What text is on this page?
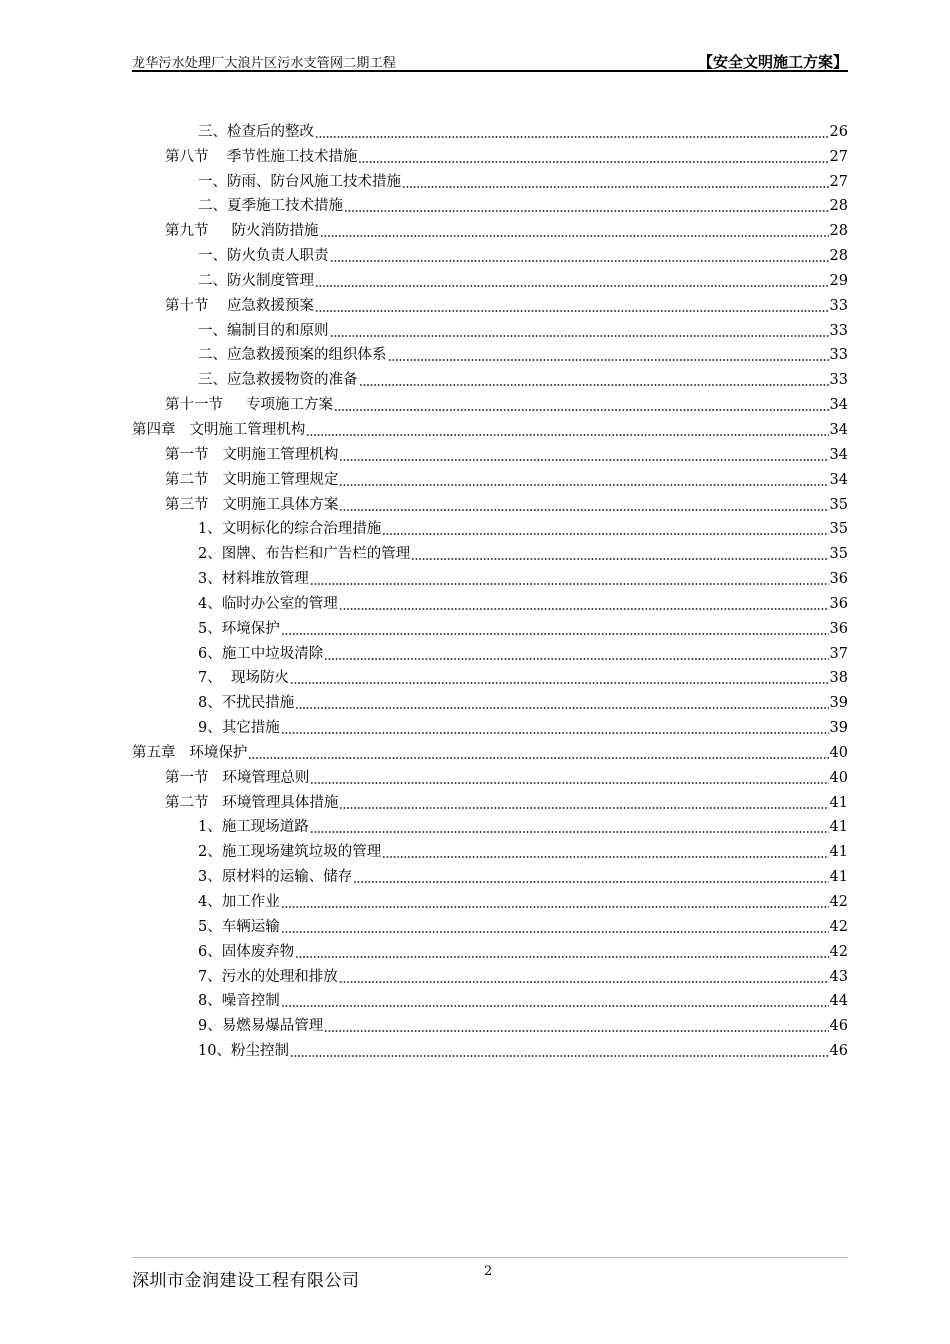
龙华污水处理厂大浪片区污水支管网二期工程	【安全文明施工方案】
三、检查后的整改	26
第八节    季节性施工技术措施	27
一、防雨、防台风施工技术措施	27
二、夏季施工技术措施	28
第九节     防火消防措施	28
一、防火负责人职责	28
二、防火制度管理	29
第十节    应急救援预案	33
一、编制目的和原则	33
二、应急救援预案的组织体系	33
三、应急救援物资的准备	33
第十一节     专项施工方案	34
第四章   文明施工管理机构	34
第一节   文明施工管理机构	34
第二节   文明施工管理规定	34
第三节   文明施工具体方案	35
1、文明标化的综合治理措施	35
2、图牌、布告栏和广告栏的管理	35
3、材料堆放管理	36
4、临时办公室的管理	36
5、环境保护	36
6、施工中垃圾清除	37
7、  现场防火	38
8、不扰民措施	39
9、其它措施	39
第五章   环境保护	40
第一节   环境管理总则	40
第二节   环境管理具体措施	41
1、施工现场道路	41
2、施工现场建筑垃圾的管理	41
3、原材料的运输、储存	41
4、加工作业	42
5、车辆运输	42
6、固体废弃物	42
7、污水的处理和排放	43
8、噪音控制	44
9、易燃易爆品管理	46
10、粉尘控制	46
深圳市金润建设工程有限公司	2
